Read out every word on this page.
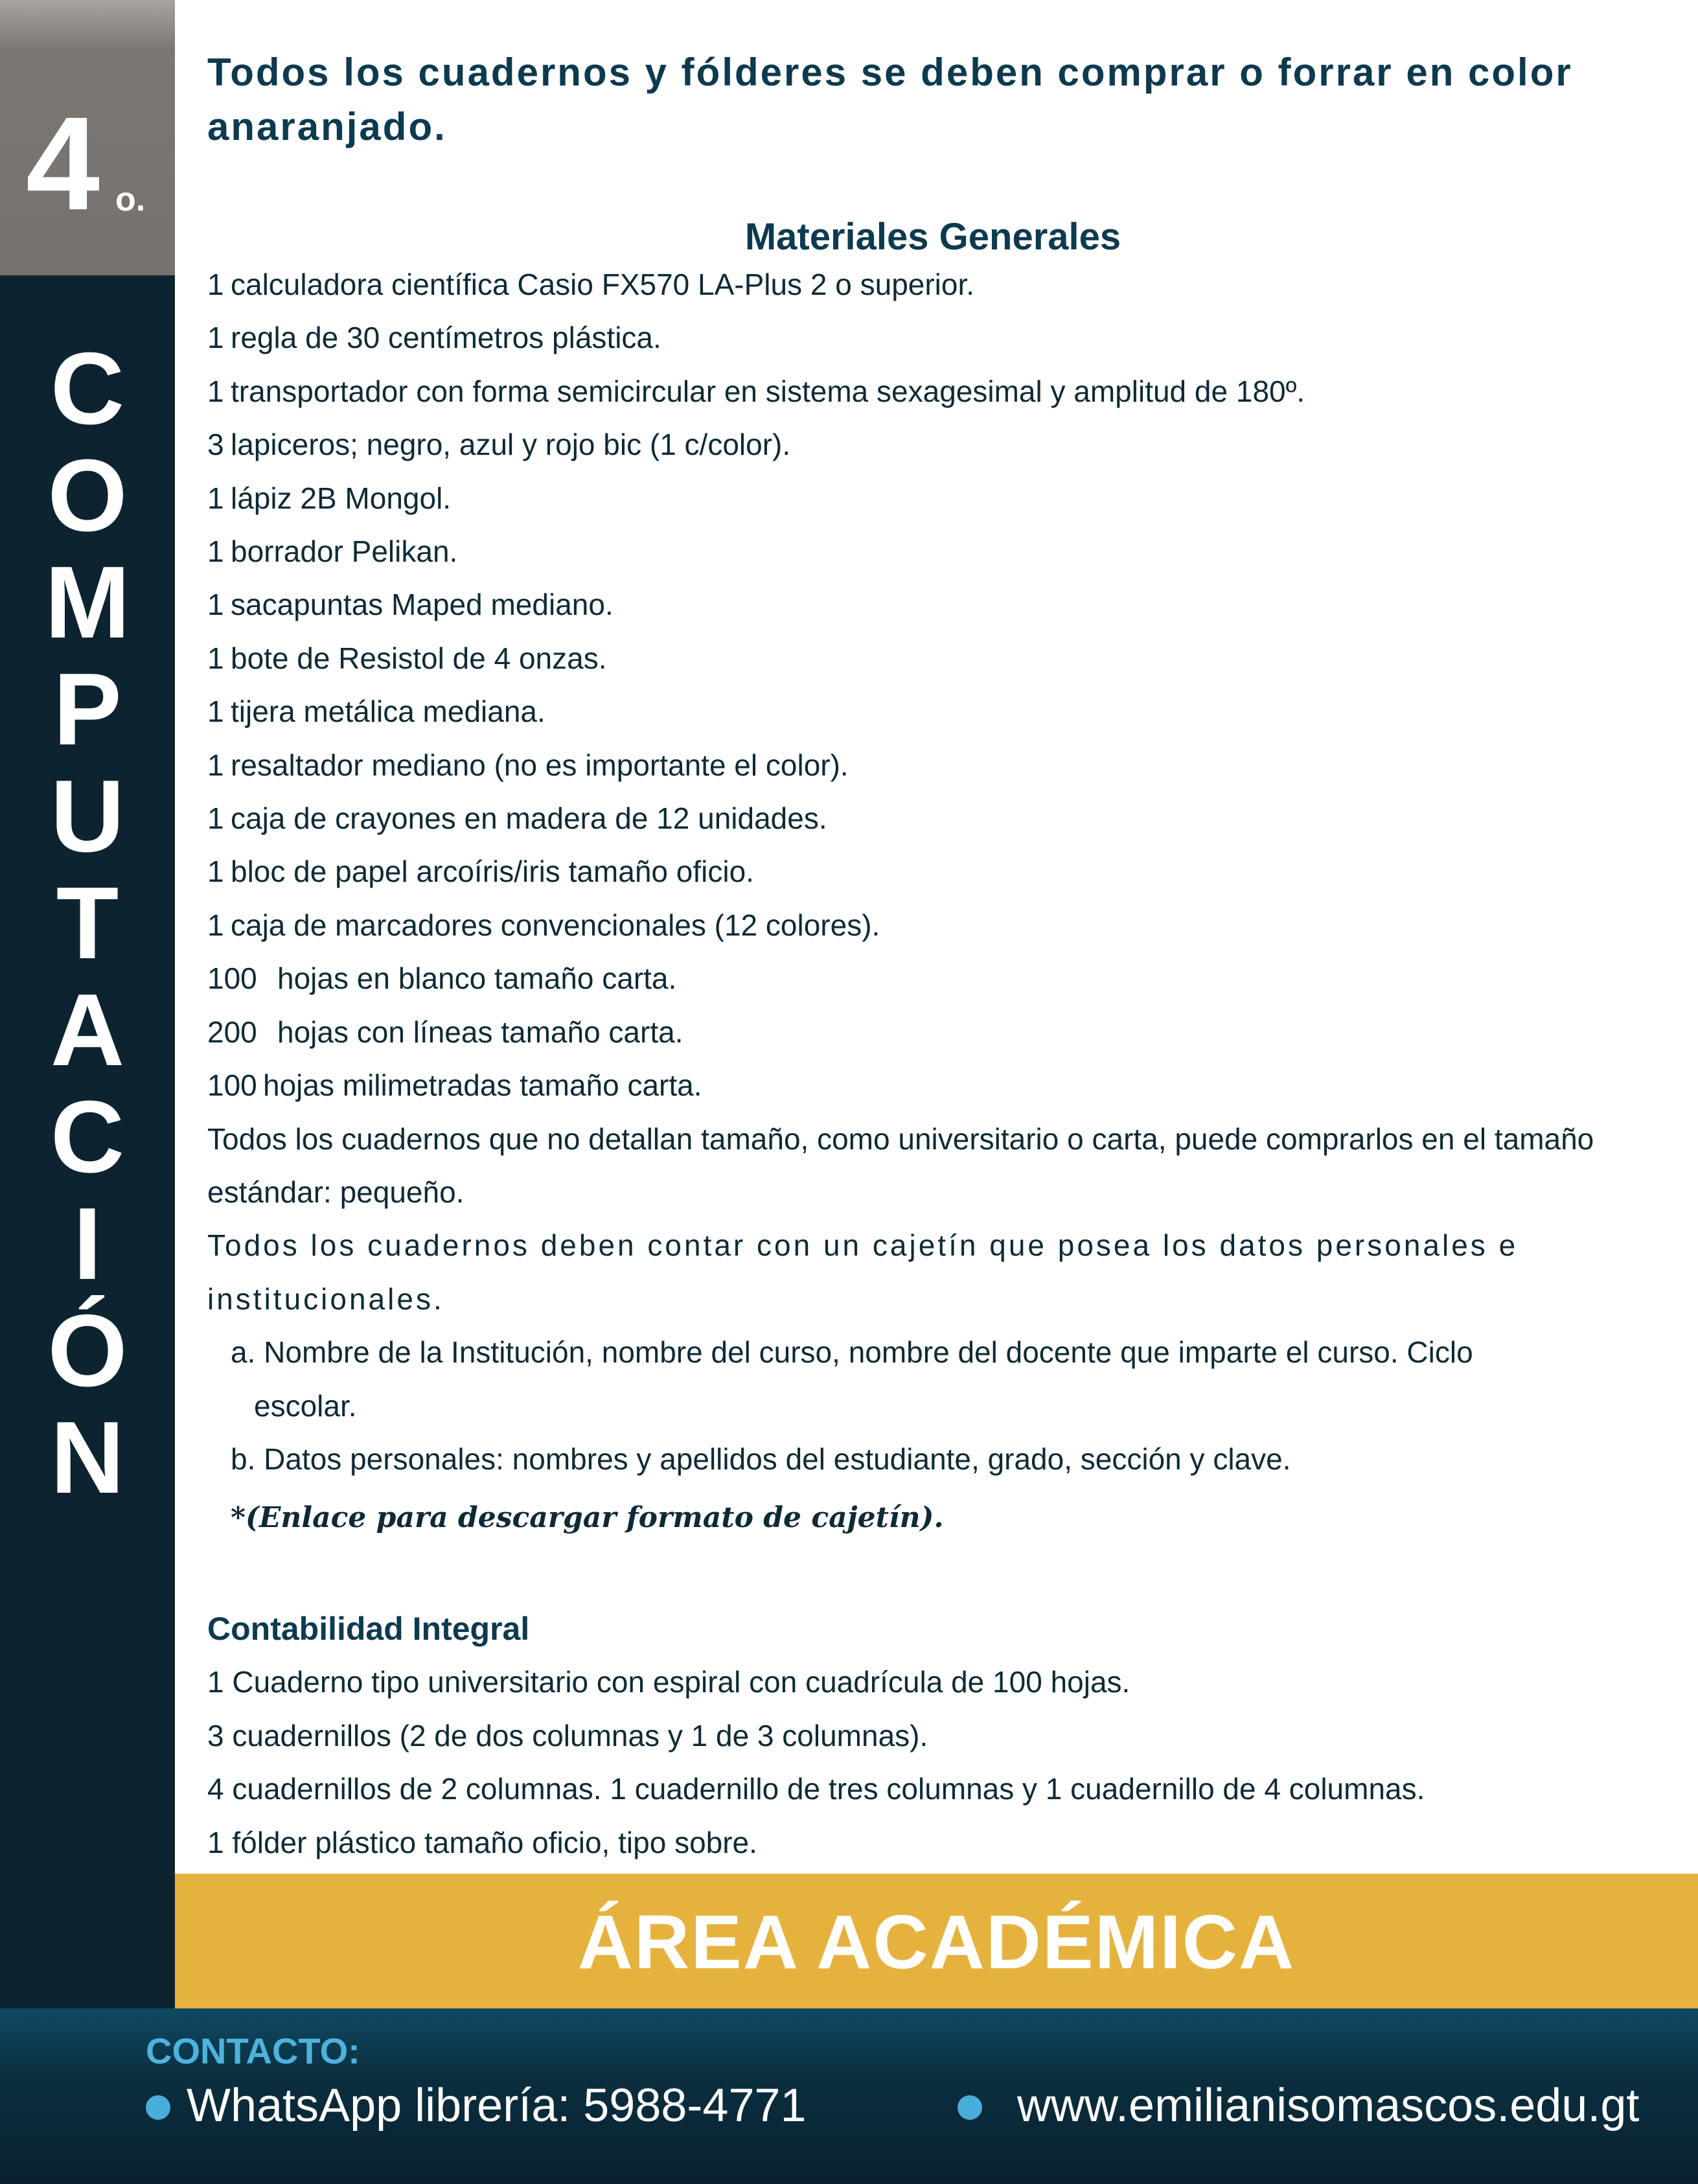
4 o.
C
O
M
P
U
T
A
C
I
Ó
N

Todos los cuadernos y fólderes se deben comprar o forrar en color anaranjado.

Materiales Generales
1 calculadora científica Casio FX570 LA-Plus 2 o superior.
1 regla de 30 centímetros plástica.
1 transportador con forma semicircular en sistema sexagesimal y amplitud de 180º.
3 lapiceros; negro, azul y rojo bic (1 c/color).
1 lápiz 2B Mongol.
1 borrador Pelikan.
1 sacapuntas Maped mediano.
1 bote de Resistol de 4 onzas.
1 tijera metálica mediana.
1 resaltador mediano (no es importante el color).
1 caja de crayones en madera de 12 unidades.
1 bloc de papel arcoíris/iris tamaño oficio.
1 caja de marcadores convencionales (12 colores).
100 hojas en blanco tamaño carta.
200 hojas con líneas tamaño carta.
100 hojas milimetradas tamaño carta.
Todos los cuadernos que no detallan tamaño, como universitario o carta, puede comprarlos en el tamaño estándar: pequeño.
Todos los cuadernos deben contar con un cajetín que posea los datos personales e institucionales.
a. Nombre de la Institución, nombre del curso, nombre del docente que imparte el curso. Ciclo
escolar.
b. Datos personales: nombres y apellidos del estudiante, grado, sección y clave.
*(Enlace para descargar formato de cajetín).
Contabilidad Integral
1 Cuaderno tipo universitario con espiral con cuadrícula de 100 hojas.
3 cuadernillos (2 de dos columnas y 1 de 3 columnas).
4 cuadernillos de 2 columnas. 1 cuadernillo de tres columnas y 1 cuadernillo de 4 columnas.
1 fólder plástico tamaño oficio, tipo sobre.
ÁREA ACADÉMICA
CONTACTO:
WhatsApp librería: 5988-4771	www.emilianisomascos.edu.gt
